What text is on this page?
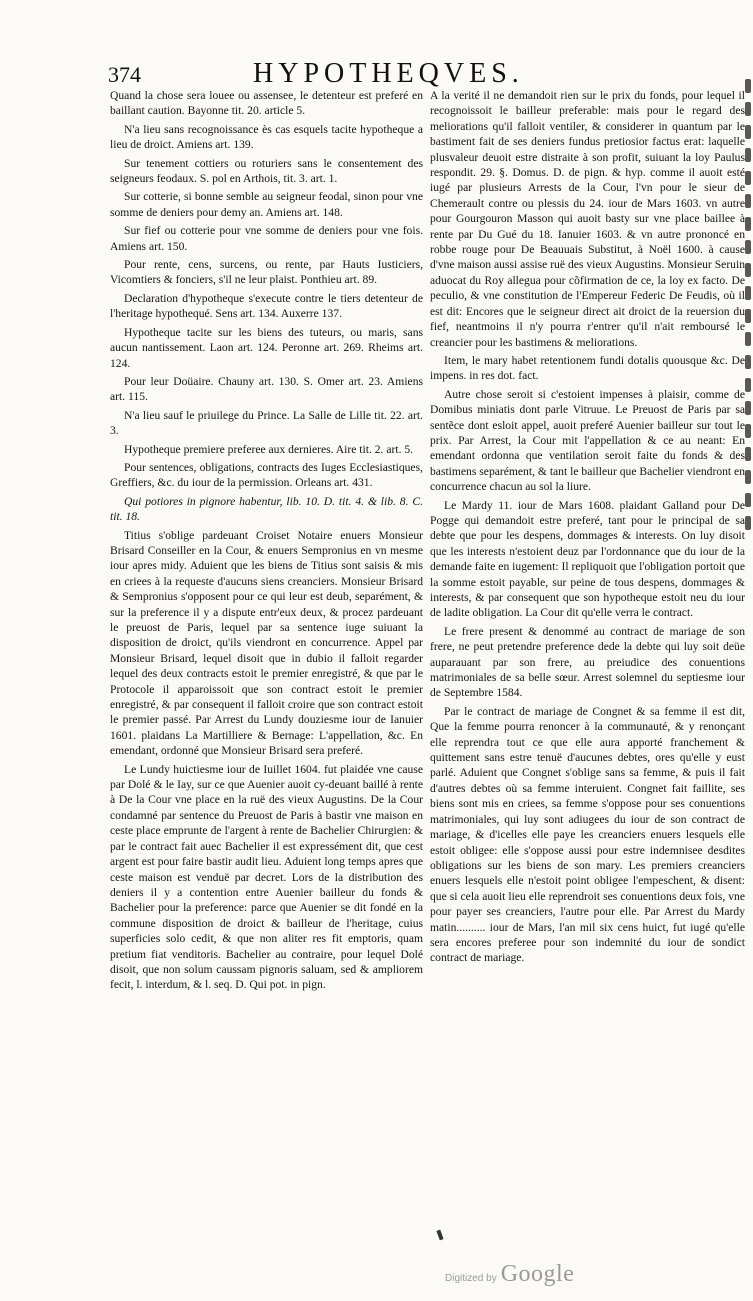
374	HYPOTHEQVES.

Quand la chose sera louee ou assensee, le detenteur est preferé en baillant caution. Bayonne tit. 20. article 5.

N'a lieu sans recognoissance ès cas esquels tacite hypotheque a lieu de droict. Amiens art. 139.

Sur tenement cottiers ou roturiers sans le consentement des seigneurs feodaux. S. pol en Arthois, tit. 3. art. 1.

Sur cotterie, si bonne semble au seigneur feodal, sinon pour vne somme de deniers pour demy an. Amiens art. 148.

Sur fief ou cotterie pour vne somme de deniers pour vne fois. Amiens art. 150.

Pour rente, cens, surcens, ou rente, par Hauts Iusticiers, Vicomtiers & fonciers, s'il ne leur plaist. Ponthieu art. 89.

Declaration d'hypotheque s'execute contre le tiers detenteur de l'heritage hypothequé. Sens art. 134. Auxerre 137.

Hypotheque tacite sur les biens des tuteurs, ou maris, sans aucun nantissement. Laon art. 124. Peronne art. 269. Rheims art. 124.

Pour leur Doüaire. Chauny art. 130. S. Omer art. 23. Amiens art. 115.

N'a lieu sauf le priuilege du Prince. La Salle de Lille tit. 22. art. 3.

Hypotheque premiere preferee aux dernieres. Aire tit. 2. art. 5.

Pour sentences, obligations, contracts des Iuges Ecclesiastiques, Greffiers, &c. du iour de la permission. Orleans art. 431.

Qui potiores in pignore habentur, lib. 10. D. tit. 4. & lib. 8. C. tit. 18.

Titius s'oblige pardeuant Croiset Notaire enuers Monsieur Brisard Conseiller en la Cour, & enuers Sempronius en vn mesme iour apres midy. Aduient que les biens de Titius sont saisis & mis en criees à la requeste d'aucuns siens creanciers. Monsieur Brisard & Sempronius s'opposent pour ce qui leur est deub, separément, & sur la preference il y a dispute entr'eux deux, & procez pardeuant le preuost de Paris, lequel par sa sentence iuge suiuant la disposition de droict, qu'ils viendront en concurrence. Appel par Monsieur Brisard, lequel disoit que in dubio il falloit regarder lequel des deux contracts estoit le premier enregistré, & que par le Protocole il apparoissoit que son contract estoit le premier enregistré, & par consequent il falloit croire que son contract estoit le premier passé. Par Arrest du Lundy douziesme iour de Ianuier 1601. plaidans La Martilliere & Bernage: L'appellation, &c. En emendant, ordonné que Monsieur Brisard sera preferé.

Le Lundy huictiesme iour de Iuillet 1604. fut plaidée vne cause par Dolé & le Iay, sur ce que Auenier auoit cy-deuant baillé à rente à De la Cour vne place en la ruë des vieux Augustins. De la Cour condamné par sentence du Preuost de Paris à bastir vne maison en ceste place emprunte de l'argent à rente de Bachelier Chirurgien: & par le contract fait auec Bachelier il est expressément dit, que cest argent est pour faire bastir audit lieu. Aduient long temps apres que ceste maison est venduë par decret. Lors de la distribution des deniers il y a contention entre Auenier bailleur du fonds & Bachelier pour la preference: parce que Auenier se dit fondé en la commune disposition de droict & bailleur de l'heritage, cuius superficies solo cedit, & que non aliter res fit emptoris, quam pretium fiat venditoris. Bachelier au contraire, pour lequel Dolé disoit, que non solum caussam pignoris saluam, sed & ampliorem fecit, l. interdum, & l. seq. D. Qui pot. in pign.

A la verité il ne demandoit rien sur le prix du fonds, pour lequel il recognoissoit le bailleur preferable: mais pour le regard des meliorations qu'il falloit ventiler, & considerer in quantum par le bastiment fait de ses deniers fundus pretiosior factus erat: laquelle plusvaleur deuoit estre distraite à son profit, suiuant la loy Paulus respondit. 29. §. Domus. D. de pign. & hyp. comme il auoit esté iugé par plusieurs Arrests de la Cour, l'vn pour le sieur de Chemerault contre ou plessis du 24. iour de Mars 1603. vn autre pour Gourgouron Masson qui auoit basty sur vne place baillee à rente par Du Gué du 18. Ianuier 1603. & vn autre prononcé en robbe rouge pour De Beauuais Substitut, à Noël 1600. à cause d'vne maison aussi assise ruë des vieux Augustins. Monsieur Seruin aduocat du Roy allegua pour cõfirmation de ce, la loy ex facto. De peculio, & vne constitution de l'Empereur Federic De Feudis, où il est dit: Encores que le seigneur direct ait droict de la reuersion du fief, neantmoins il n'y pourra r'entrer qu'il n'ait remboursé le creancier pour les bastimens & meliorations.

Item, le mary habet retentionem fundi dotalis quousque &c. De impens. in res dot. fact.

Autre chose seroit si c'estoient impenses à plaisir, comme de Domibus miniatis dont parle Vitruue. Le Preuost de Paris par sa sentẽce dont esloit appel, auoit preferé Auenier bailleur sur tout le prix. Par Arrest, la Cour mit l'appellation & ce au neant: En emendant ordonna que ventilation seroit faite du fonds & des bastimens separément, & tant le bailleur que Bachelier viendront en concurrence chacun au sol la liure.

Le Mardy 11. iour de Mars 1608. plaidant Galland pour De Pogge qui demandoit estre preferé, tant pour le principal de sa debte que pour les despens, dommages & interests. On luy disoit que les interests n'estoient deuz par l'ordonnance que du iour de la demande faite en iugement: Il repliquoit que l'obligation portoit que la somme estoit payable, sur peine de tous despens, dommages & interests, & par consequent que son hypotheque estoit neu du iour de ladite obligation. La Cour dit qu'elle verra le contract.

Le frere present & denommé au contract de mariage de son frere, ne peut pretendre preference dede la debte qui luy soit deüe auparauant par son frere, au preiudice des conuentions matrimoniales de sa belle sœur. Arrest solemnel du septiesme iour de Septembre 1584.

Par le contract de mariage de Congnet & sa femme il est dit, Que la femme pourra renoncer à la communauté, & y renonçant elle reprendra tout ce que elle aura apporté franchement & quittement sans estre tenuë d'aucunes debtes, ores qu'elle y eust parlé. Aduient que Congnet s'oblige sans sa femme, & puis il fait d'autres debtes où sa femme interuient. Congnet fait faillite, ses biens sont mis en criees, sa femme s'oppose pour ses conuentions matrimoniales, qui luy sont adiugees du iour de son contract de mariage, & d'icelles elle paye les creanciers enuers lesquels elle estoit obligee: elle s'oppose aussi pour estre indemnisee desdites obligations sur les biens de son mary. Les premiers creanciers enuers lesquels elle n'estoit point obligee l'empeschent, & disent: que si cela auoit lieu elle reprendroit ses conuentions deux fois, vne pour payer ses creanciers, l'autre pour elle. Par Arrest du Mardy matin.......... iour de Mars, l'an mil six cens huict, fut iugé qu'elle sera encores preferee pour son indemnité du iour de sondict contract de mariage.

Digitized by Google
